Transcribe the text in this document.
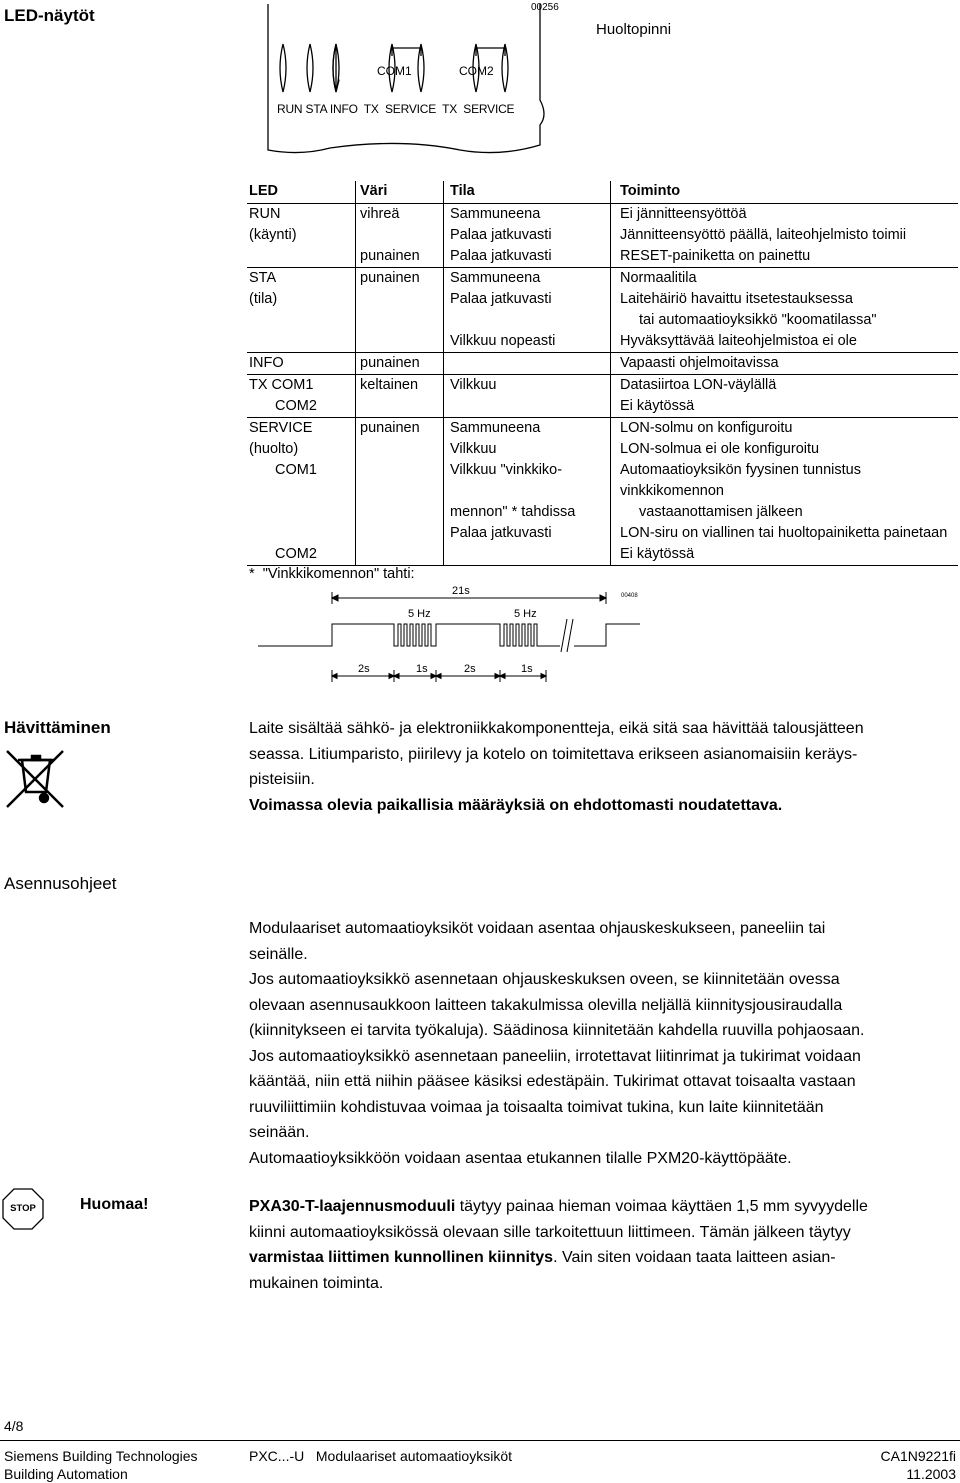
LED-näytöt	00256
Huoltopinni
COM1	COM2
RUN STA INFO  TX  SERVICE  TX  SERVICE
LED	Väri	Tila	Toiminto
RUN	vihreä	Sammuneena	Ei jännitteensyöttöä
(käynti)		Palaa jatkuvasti	Jännitteensyöttö päällä, laiteohjelmisto toimii
	punainen	Palaa jatkuvasti	RESET-painiketta on painettu
STA	punainen	Sammuneena	Normaalitila
(tila)		Palaa jatkuvasti	Laitehäiriö havaittu itsetestauksessa
			tai automaatioyksikkö "koomatilassa"
		Vilkkuu nopeasti	Hyväksyttävää laiteohjelmistoa ei ole
INFO	punainen		Vapaasti ohjelmoitavissa
TX COM1	keltainen	Vilkkuu	Datasiirtoa LON-väylällä
COM2			Ei käytössä
SERVICE	punainen	Sammuneena	LON-solmu on konfiguroitu
(huolto)		Vilkkuu	LON-solmua ei ole konfiguroitu
COM1		Vilkkuu "vinkkiko-	Automaatioyksikön fyysinen tunnistus vinkkikomennon
		mennon" * tahdissa	vastaanottamisen jälkeen
		Palaa jatkuvasti	LON-siru on viallinen tai huoltopainiketta painetaan
COM2			Ei käytössä
*  "Vinkkikomennon" tahti:
21s	00408
5 Hz	5 Hz
2s	1s	2s	1s
Hävittäminen	Laite sisältää sähkö- ja elektroniikkakomponentteja, eikä sitä saa hävittää talousjätteen
seassa. Litiumparisto, piirilevy ja kotelo on toimitettava erikseen asianomaisiin keräys-
pisteisiin.
Voimassa olevia paikallisia määräyksiä on ehdottomasti noudatettava.
Asennusohjeet
Modulaariset automaatioyksiköt voidaan asentaa ohjauskeskukseen, paneeliin tai
seinälle.
Jos automaatioyksikkö asennetaan ohjauskeskuksen oveen, se kiinnitetään ovessa
olevaan asennusaukkoon laitteen takakulmissa olevilla neljällä kiinnitysjousiraudalla
(kiinnitykseen ei tarvita työkaluja). Säädinosa kiinnitetään kahdella ruuvilla pohjaosaan.
Jos automaatioyksikkö asennetaan paneeliin, irrotettavat liitinrimat ja tukirimat voidaan
kääntää, niin että niihin pääsee käsiksi edestäpäin. Tukirimat ottavat toisaalta vastaan
ruuviliittimiin kohdistuvaa voimaa ja toisaalta toimivat tukina, kun laite kiinnitetään
seinään.
Automaatioyksikköön voidaan asentaa etukannen tilalle PXM20-käyttöpääte.
STOP	Huomaa!	PXA30-T-laajennusmoduuli täytyy painaa hieman voimaa käyttäen 1,5 mm syvyydelle
kiinni automaatioyksikössä olevaan sille tarkoitettuun liittimeen. Tämän jälkeen täytyy
varmistaa liittimen kunnollinen kiinnitys. Vain siten voidaan taata laitteen asian-
mukainen toiminta.
4/8
Siemens Building Technologies
Building Automation
PXC...-U   Modulaariset automaatioyksiköt	CA1N9221fi
11.2003
